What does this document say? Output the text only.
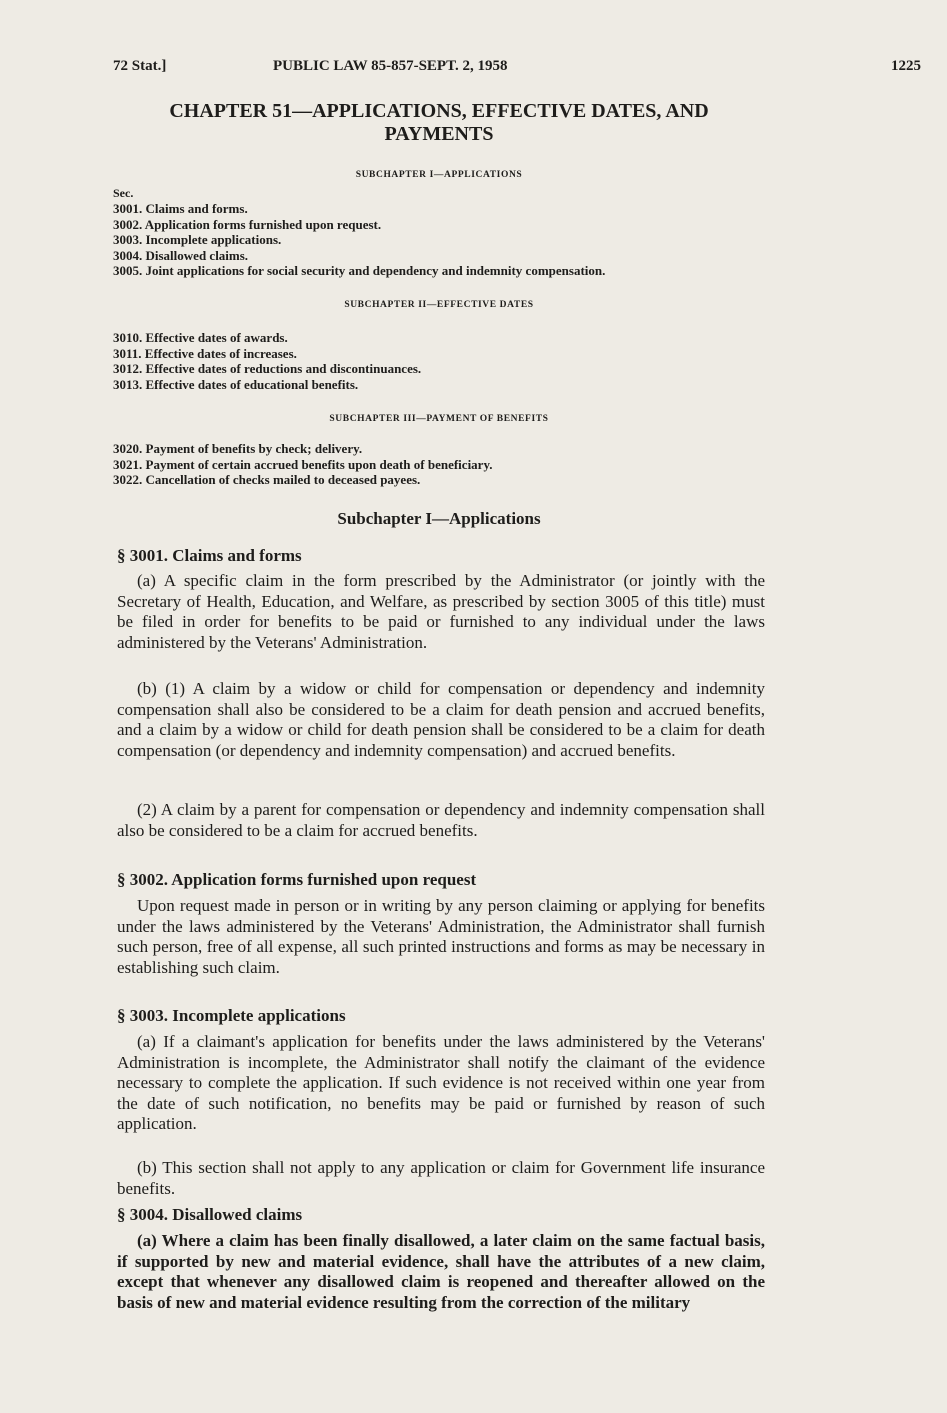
72 Stat.]	PUBLIC LAW 85-857-SEPT. 2, 1958	1225
CHAPTER 51—APPLICATIONS, EFFECTIVE DATES, AND PAYMENTS

SUBCHAPTER I—APPLICATIONS

Sec.
3001. Claims and forms.
3002. Application forms furnished upon request.
3003. Incomplete applications.
3004. Disallowed claims.
3005. Joint applications for social security and dependency and indemnity compensation.

SUBCHAPTER II—EFFECTIVE DATES

3010. Effective dates of awards.
3011. Effective dates of increases.
3012. Effective dates of reductions and discontinuances.
3013. Effective dates of educational benefits.

SUBCHAPTER III—PAYMENT OF BENEFITS

3020. Payment of benefits by check; delivery.
3021. Payment of certain accrued benefits upon death of beneficiary.
3022. Cancellation of checks mailed to deceased payees.
Subchapter I—Applications
§ 3001. Claims and forms

(a) A specific claim in the form prescribed by the Administrator (or jointly with the Secretary of Health, Education, and Welfare, as prescribed by section 3005 of this title) must be filed in order for benefits to be paid or furnished to any individual under the laws administered by the Veterans' Administration.

(b) (1) A claim by a widow or child for compensation or dependency and indemnity compensation shall also be considered to be a claim for death pension and accrued benefits, and a claim by a widow or child for death pension shall be considered to be a claim for death compensation (or dependency and indemnity compensation) and accrued benefits.

(2) A claim by a parent for compensation or dependency and indemnity compensation shall also be considered to be a claim for accrued benefits.

§ 3002. Application forms furnished upon request

Upon request made in person or in writing by any person claiming or applying for benefits under the laws administered by the Veterans' Administration, the Administrator shall furnish such person, free of all expense, all such printed instructions and forms as may be necessary in establishing such claim.

§ 3003. Incomplete applications

(a) If a claimant's application for benefits under the laws administered by the Veterans' Administration is incomplete, the Administrator shall notify the claimant of the evidence necessary to complete the application. If such evidence is not received within one year from the date of such notification, no benefits may be paid or furnished by reason of such application.

(b) This section shall not apply to any application or claim for Government life insurance benefits.

§ 3004. Disallowed claims

(a) Where a claim has been finally disallowed, a later claim on the same factual basis, if supported by new and material evidence, shall have the attributes of a new claim, except that whenever any disallowed claim is reopened and thereafter allowed on the basis of new and material evidence resulting from the correction of the military
